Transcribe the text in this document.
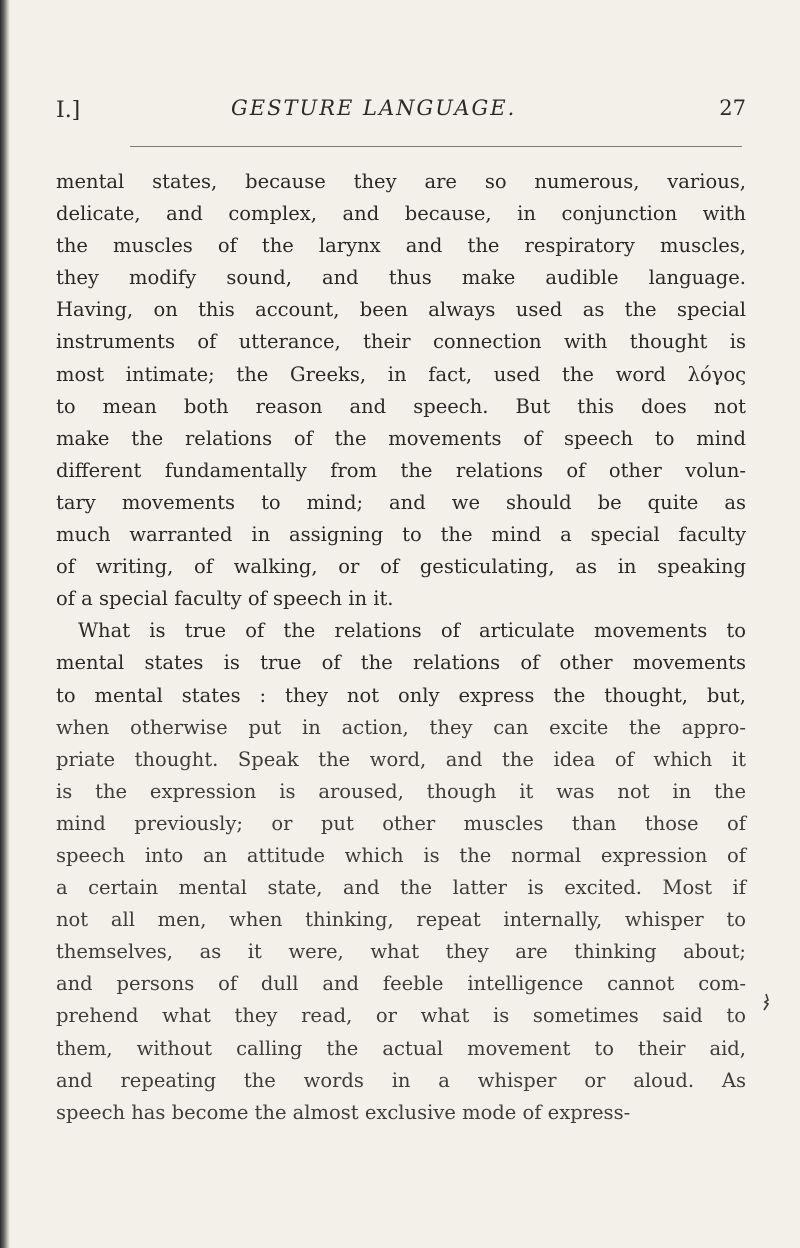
I.]	GESTURE LANGUAGE.	27
mental states, because they are so numerous, various,
delicate, and complex, and because, in conjunction with
the muscles of the larynx and the respiratory muscles,
they modify sound, and thus make audible language.
Having, on this account, been always used as the special
instruments of utterance, their connection with thought is
most intimate; the Greeks, in fact, used the word λόγος
to mean both reason and speech. But this does not
make the relations of the movements of speech to mind
different fundamentally from the relations of other volun-
tary movements to mind; and we should be quite as
much warranted in assigning to the mind a special faculty
of writing, of walking, or of gesticulating, as in speaking
of a special faculty of speech in it.
What is true of the relations of articulate movements to
mental states is true of the relations of other movements
to mental states : they not only express the thought, but,
when otherwise put in action, they can excite the appro-
priate thought. Speak the word, and the idea of which it
is the expression is aroused, though it was not in the
mind previously; or put other muscles than those of
speech into an attitude which is the normal expression of
a certain mental state, and the latter is excited. Most if
not all men, when thinking, repeat internally, whisper to
themselves, as it were, what they are thinking about;
and persons of dull and feeble intelligence cannot com-
prehend what they read, or what is sometimes said to
them, without calling the actual movement to their aid,
and repeating the words in a whisper or aloud. As
speech has become the almost exclusive mode of express-
